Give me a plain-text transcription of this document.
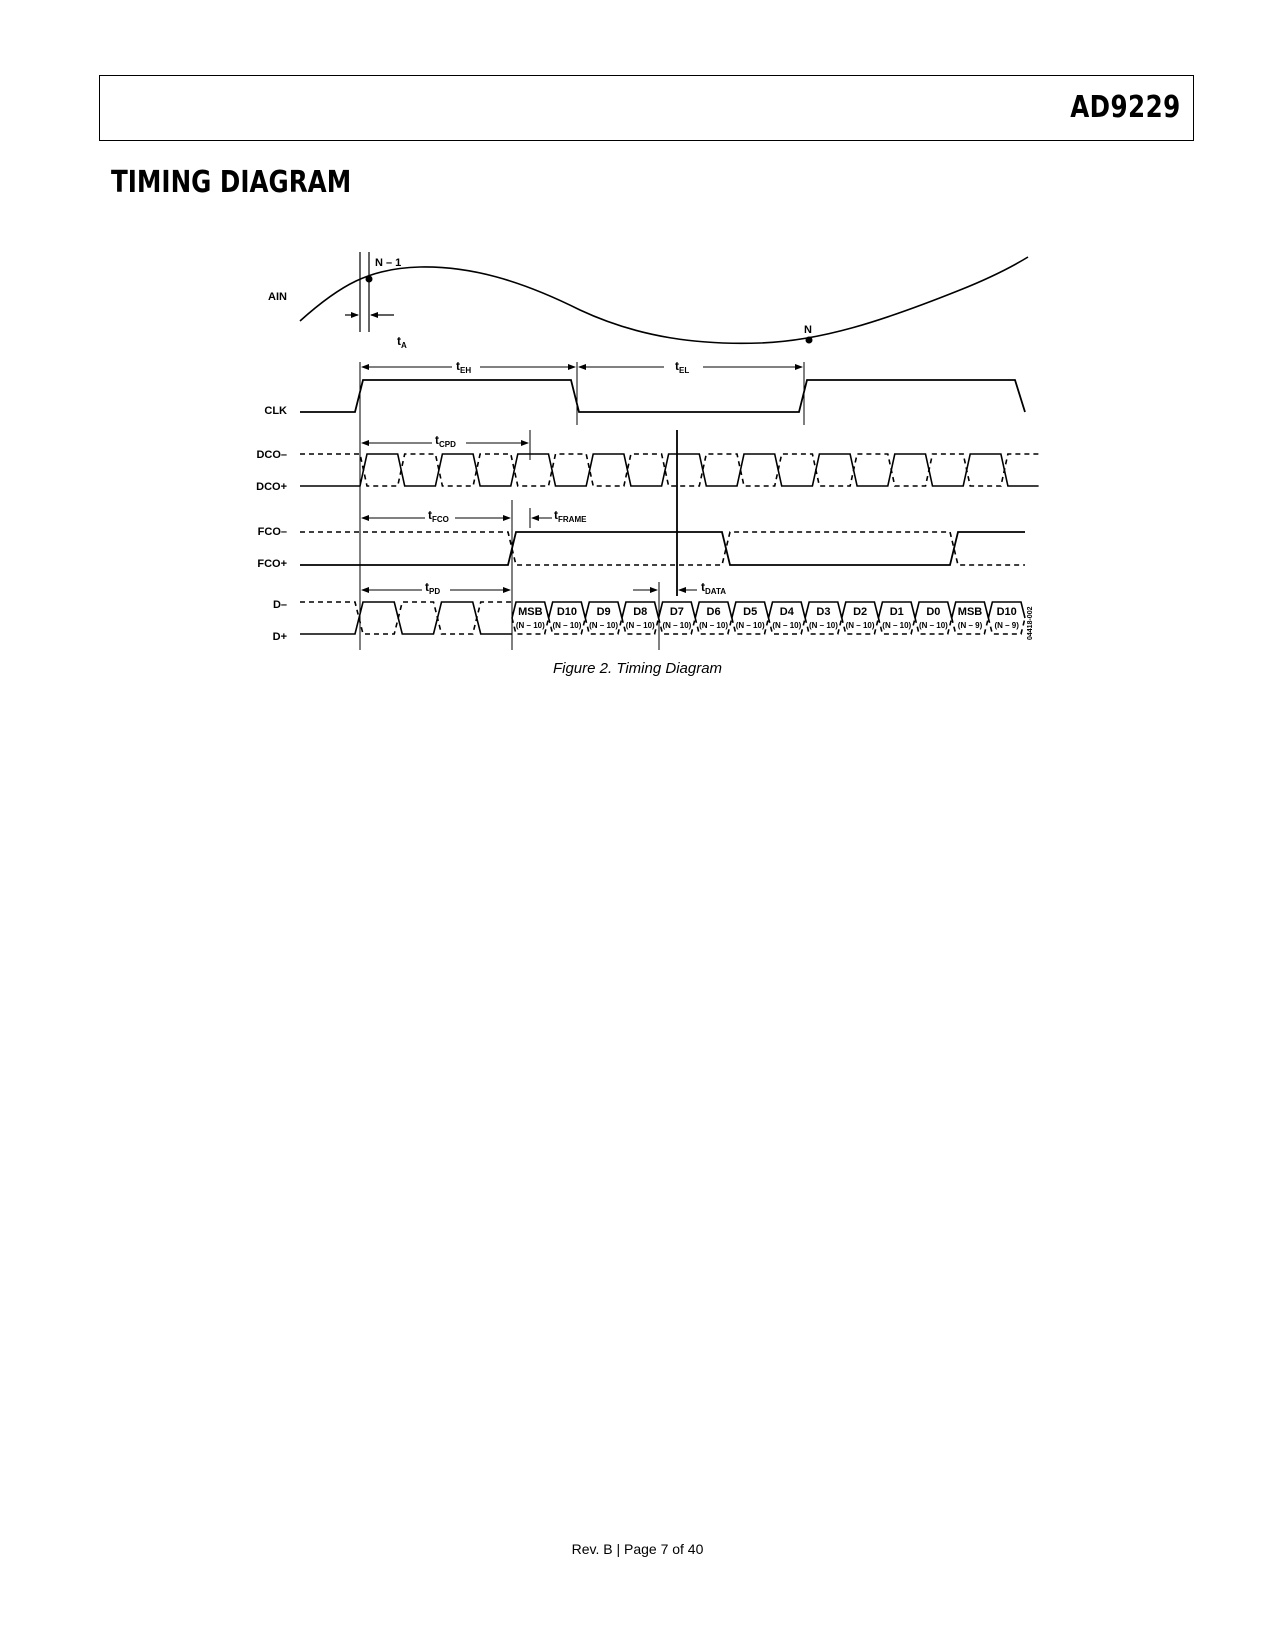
AD9229
TIMING DIAGRAM
AIN
CLK
DCO–
DCO+
FCO–
FCO+
D–
D+
N – 1
N
$t_A$
$t_{EH}$	$t_{EL}$
$t_{CPD}$
$t_{FCO}$	$t_{FRAME}$
$t_{PD}$	$t_{DATA}$
MSB
(N – 10)
D10
(N – 10)
D9
(N – 10)
D8
(N – 10)
D7
(N – 10)
D6
(N – 10)
D5
(N – 10)
D4
(N – 10)
D3
(N – 10)
D2
(N – 10)
D1
(N – 10)
D0
(N – 10)
MSB
(N – 9)
D10
(N – 9) 04418-002
Figure 2. Timing Diagram
Rev. B | Page 7 of 40
